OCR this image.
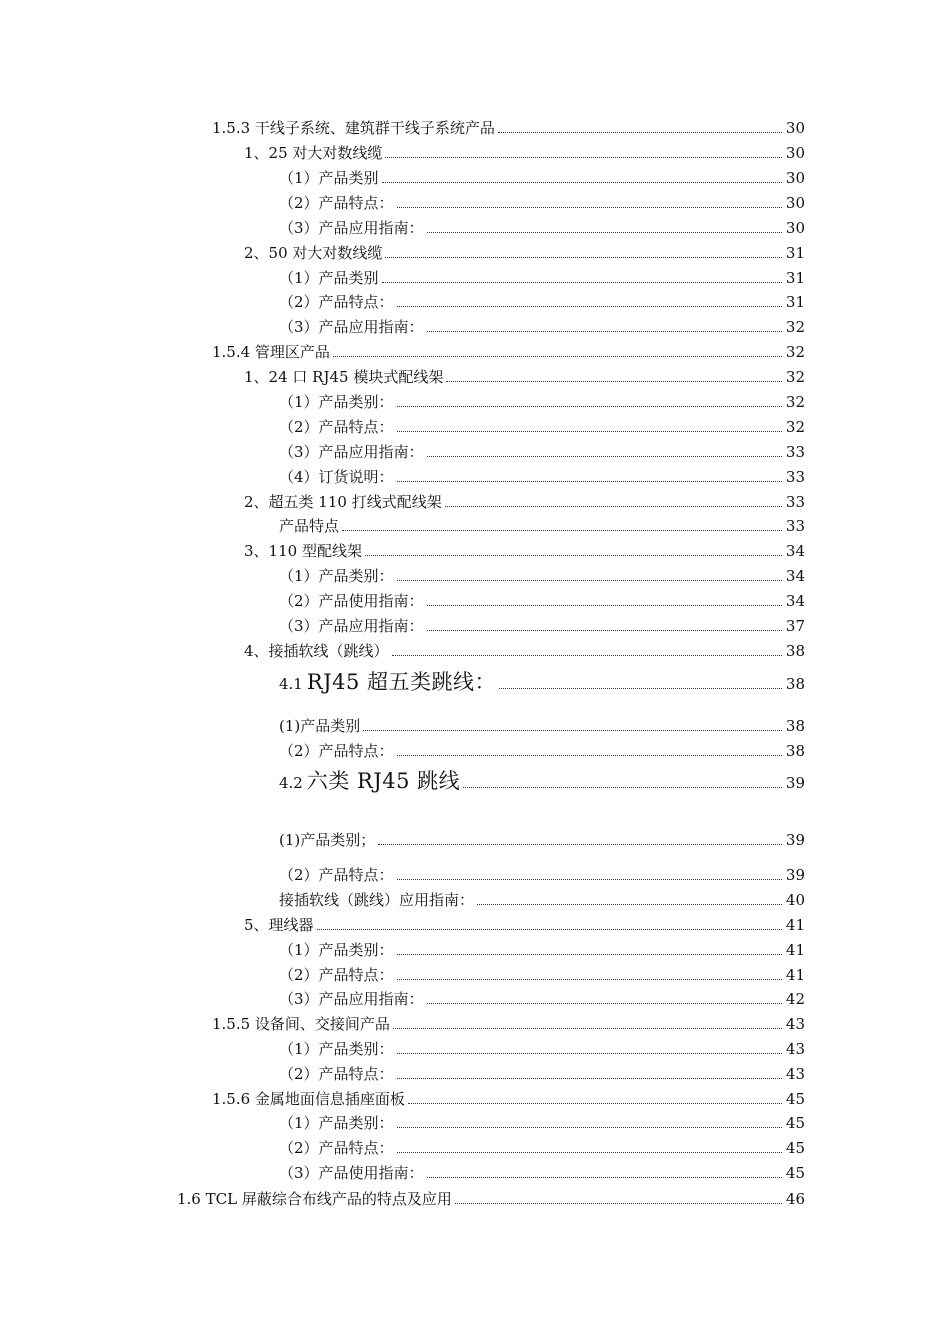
1.5.3 干线子系统、建筑群干线子系统产品	30
1、25 对大对数线缆	30
（1）产品类别	30
（2）产品特点：	30
（3）产品应用指南：	30
2、50 对大对数线缆	31
（1）产品类别	31
（2）产品特点：	31
（3）产品应用指南：	32
1.5.4 管理区产品	32
1、24 口 RJ45 模块式配线架	32
（1）产品类别：	32
（2）产品特点：	32
（3）产品应用指南：	33
（4）订货说明：	33
2、超五类 110 打线式配线架	33
产品特点	33
3、110 型配线架	34
（1）产品类别：	34
（2）产品使用指南：	34
（3）产品应用指南：	37
4、接插软线（跳线）	38
4.1 RJ45 超五类跳线：	38
(1)产品类别	38
（2）产品特点：	38
4.2 六类 RJ45 跳线	39
(1)产品类别；	39
（2）产品特点：	39
接插软线（跳线）应用指南：	40
5、理线器	41
（1）产品类别：	41
（2）产品特点：	41
（3）产品应用指南：	42
1.5.5 设备间、交接间产品	43
（1）产品类别：	43
（2）产品特点：	43
1.5.6 金属地面信息插座面板	45
（1）产品类别：	45
（2）产品特点：	45
（3）产品使用指南：	45
1.6 TCL 屏蔽综合布线产品的特点及应用	46
